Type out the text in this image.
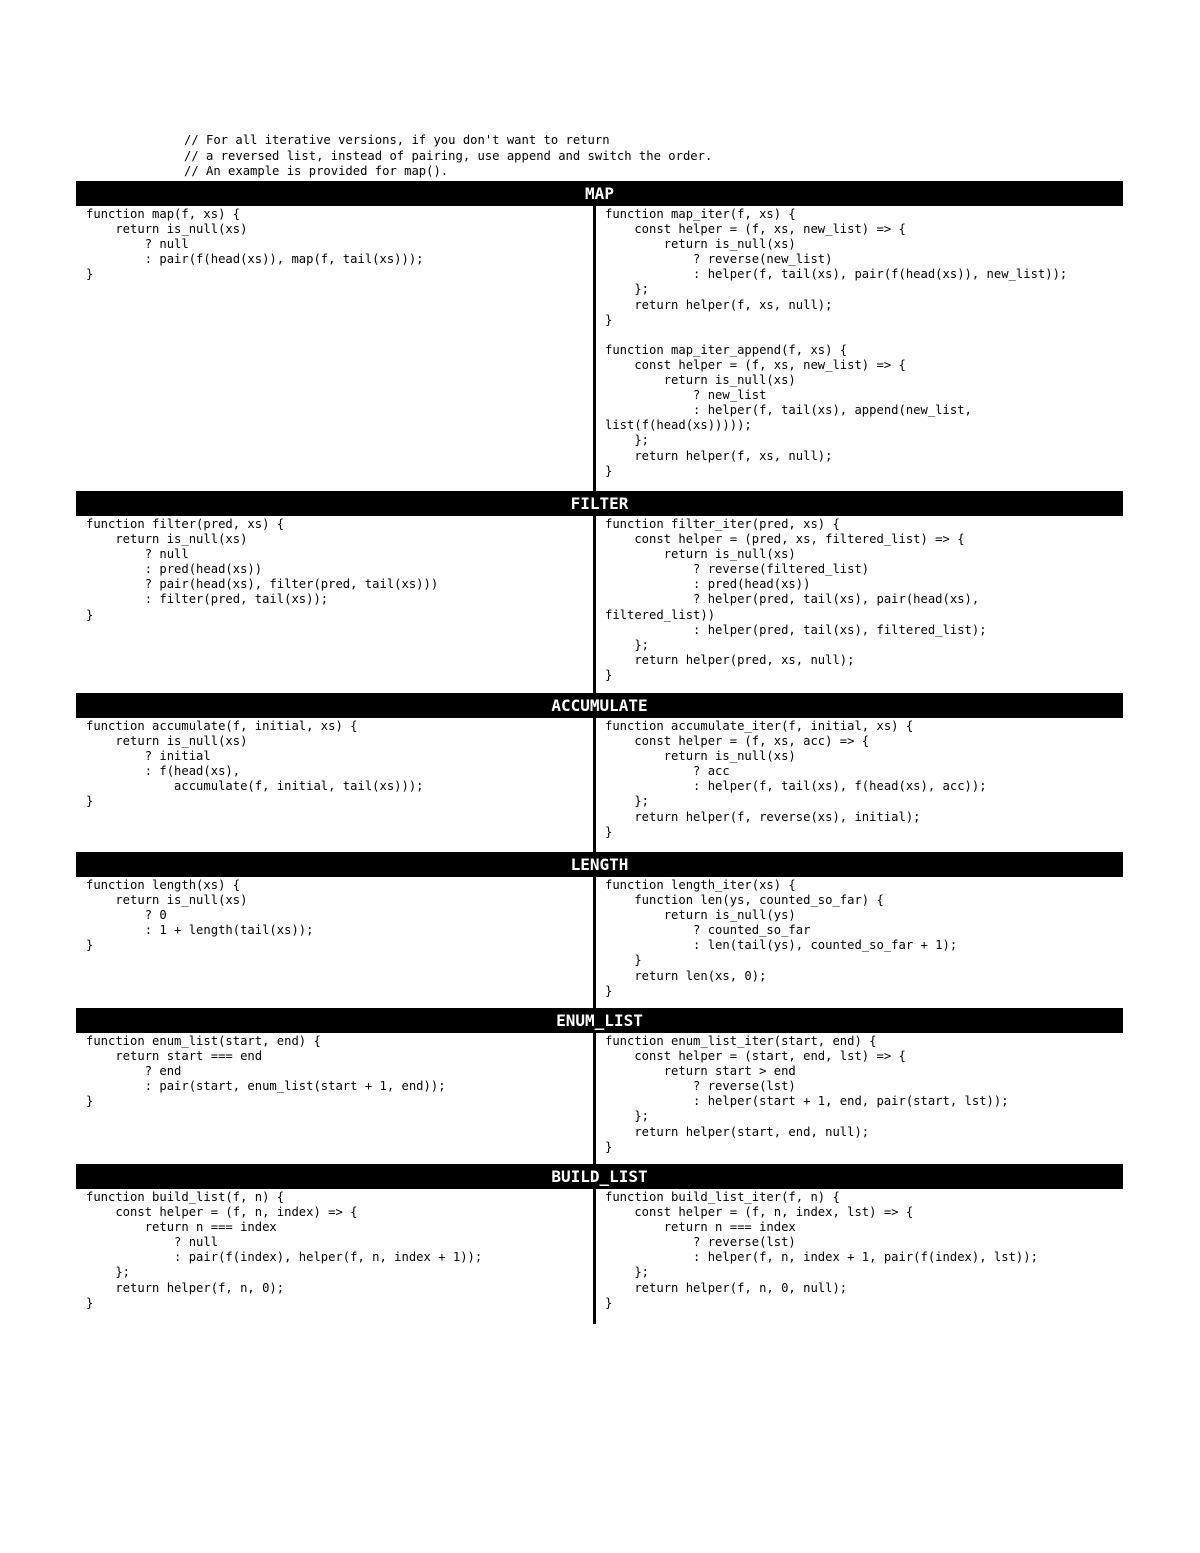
// For all iterative versions, if you don't want to return
// a reversed list, instead of pairing, use append and switch the order.
// An example is provided for map().
MAP
function map(f, xs) {
return is_null(xs)
? null
: pair(f(head(xs)), map(f, tail(xs)));
}
function map_iter(f, xs) {
const helper = (f, xs, new_list) => {
return is_null(xs)
? reverse(new_list)
: helper(f, tail(xs), pair(f(head(xs)), new_list));
};
return helper(f, xs, null);
}

function map_iter_append(f, xs) {
const helper = (f, xs, new_list) => {
return is_null(xs)
? new_list
: helper(f, tail(xs), append(new_list,
list(f(head(xs)))));
};
return helper(f, xs, null);
}
FILTER
function filter(pred, xs) {
return is_null(xs)
? null
: pred(head(xs))
? pair(head(xs), filter(pred, tail(xs)))
: filter(pred, tail(xs));
}
function filter_iter(pred, xs) {
const helper = (pred, xs, filtered_list) => {
return is_null(xs)
? reverse(filtered_list)
: pred(head(xs))
? helper(pred, tail(xs), pair(head(xs),
filtered_list))
: helper(pred, tail(xs), filtered_list);
};
return helper(pred, xs, null);
}
ACCUMULATE
function accumulate(f, initial, xs) {
return is_null(xs)
? initial
: f(head(xs),
accumulate(f, initial, tail(xs)));
}
function accumulate_iter(f, initial, xs) {
const helper = (f, xs, acc) => {
return is_null(xs)
? acc
: helper(f, tail(xs), f(head(xs), acc));
};
return helper(f, reverse(xs), initial);
}
LENGTH
function length(xs) {
return is_null(xs)
? 0
: 1 + length(tail(xs));
}
function length_iter(xs) {
function len(ys, counted_so_far) {
return is_null(ys)
? counted_so_far
: len(tail(ys), counted_so_far + 1);
}
return len(xs, 0);
}
ENUM_LIST
function enum_list(start, end) {
return start === end
? end
: pair(start, enum_list(start + 1, end));
}
function enum_list_iter(start, end) {
const helper = (start, end, lst) => {
return start > end
? reverse(lst)
: helper(start + 1, end, pair(start, lst));
};
return helper(start, end, null);
}
BUILD_LIST
function build_list(f, n) {
const helper = (f, n, index) => {
return n === index
? null
: pair(f(index), helper(f, n, index + 1));
};
return helper(f, n, 0);
}
function build_list_iter(f, n) {
const helper = (f, n, index, lst) => {
return n === index
? reverse(lst)
: helper(f, n, index + 1, pair(f(index), lst));
};
return helper(f, n, 0, null);
}
